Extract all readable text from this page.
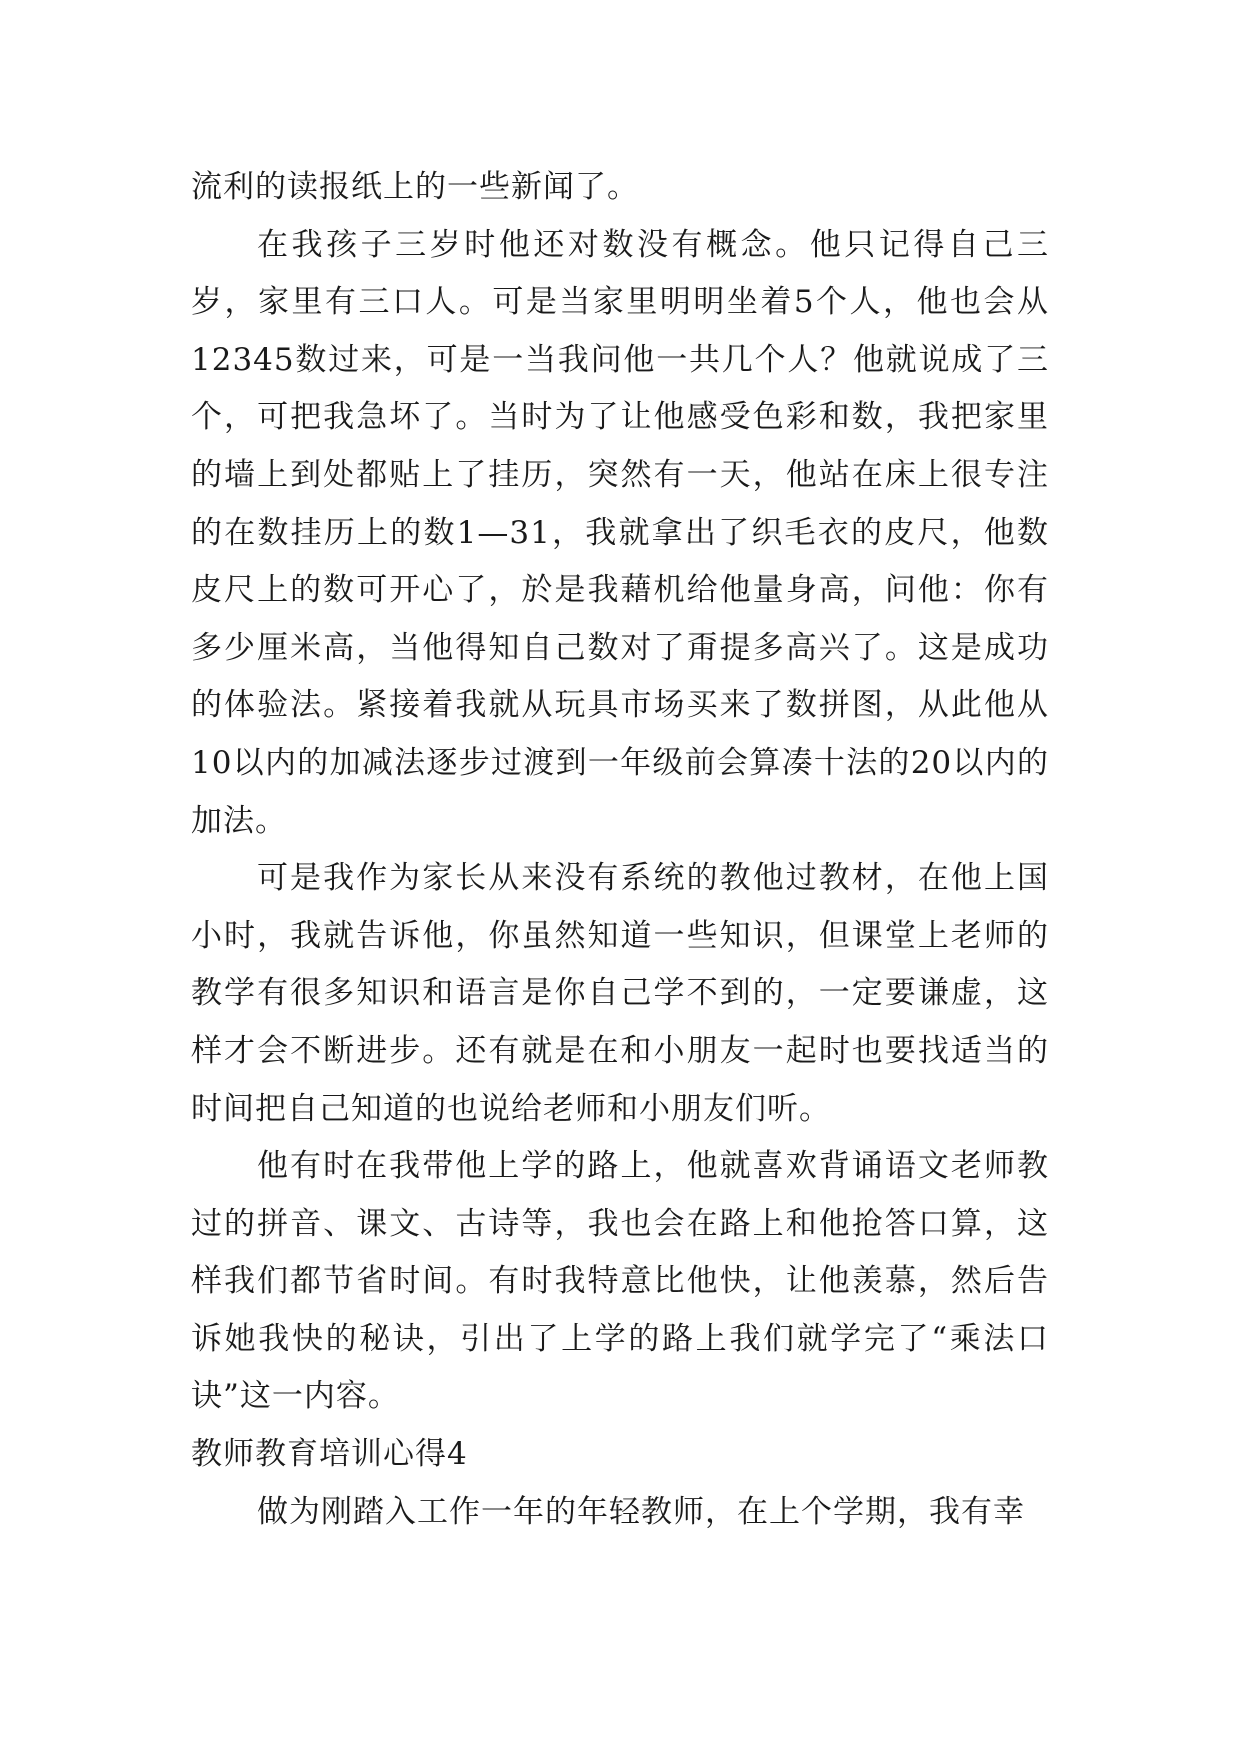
流利的读报纸上的一些新闻了。

在我孩子三岁时他还对数没有概念。他只记得自己三岁，家里有三口人。可是当家里明明坐着5个人，他也会从12345数过来，可是一当我问他一共几个人？他就说成了三个，可把我急坏了。当时为了让他感受色彩和数，我把家里的墙上到处都贴上了挂历，突然有一天，他站在床上很专注的在数挂历上的数1—31，我就拿出了织毛衣的皮尺，他数皮尺上的数可开心了，於是我藉机给他量身高，问他：你有多少厘米高，当他得知自己数对了甭提多高兴了。这是成功的体验法。紧接着我就从玩具市场买来了数拼图，从此他从10以内的加减法逐步过渡到一年级前会算凑十法的20以内的加法。

可是我作为家长从来没有系统的教他过教材，在他上国小时，我就告诉他，你虽然知道一些知识，但课堂上老师的教学有很多知识和语言是你自己学不到的，一定要谦虚，这样才会不断进步。还有就是在和小朋友一起时也要找适当的时间把自己知道的也说给老师和小朋友们听。

他有时在我带他上学的路上，他就喜欢背诵语文老师教过的拼音、课文、古诗等，我也会在路上和他抢答口算，这样我们都节省时间。有时我特意比他快，让他羡慕，然后告诉她我快的秘诀，引出了上学的路上我们就学完了“乘法口诀”这一内容。

教师教育培训心得4

做为刚踏入工作一年的年轻教师，在上个学期，我有幸
